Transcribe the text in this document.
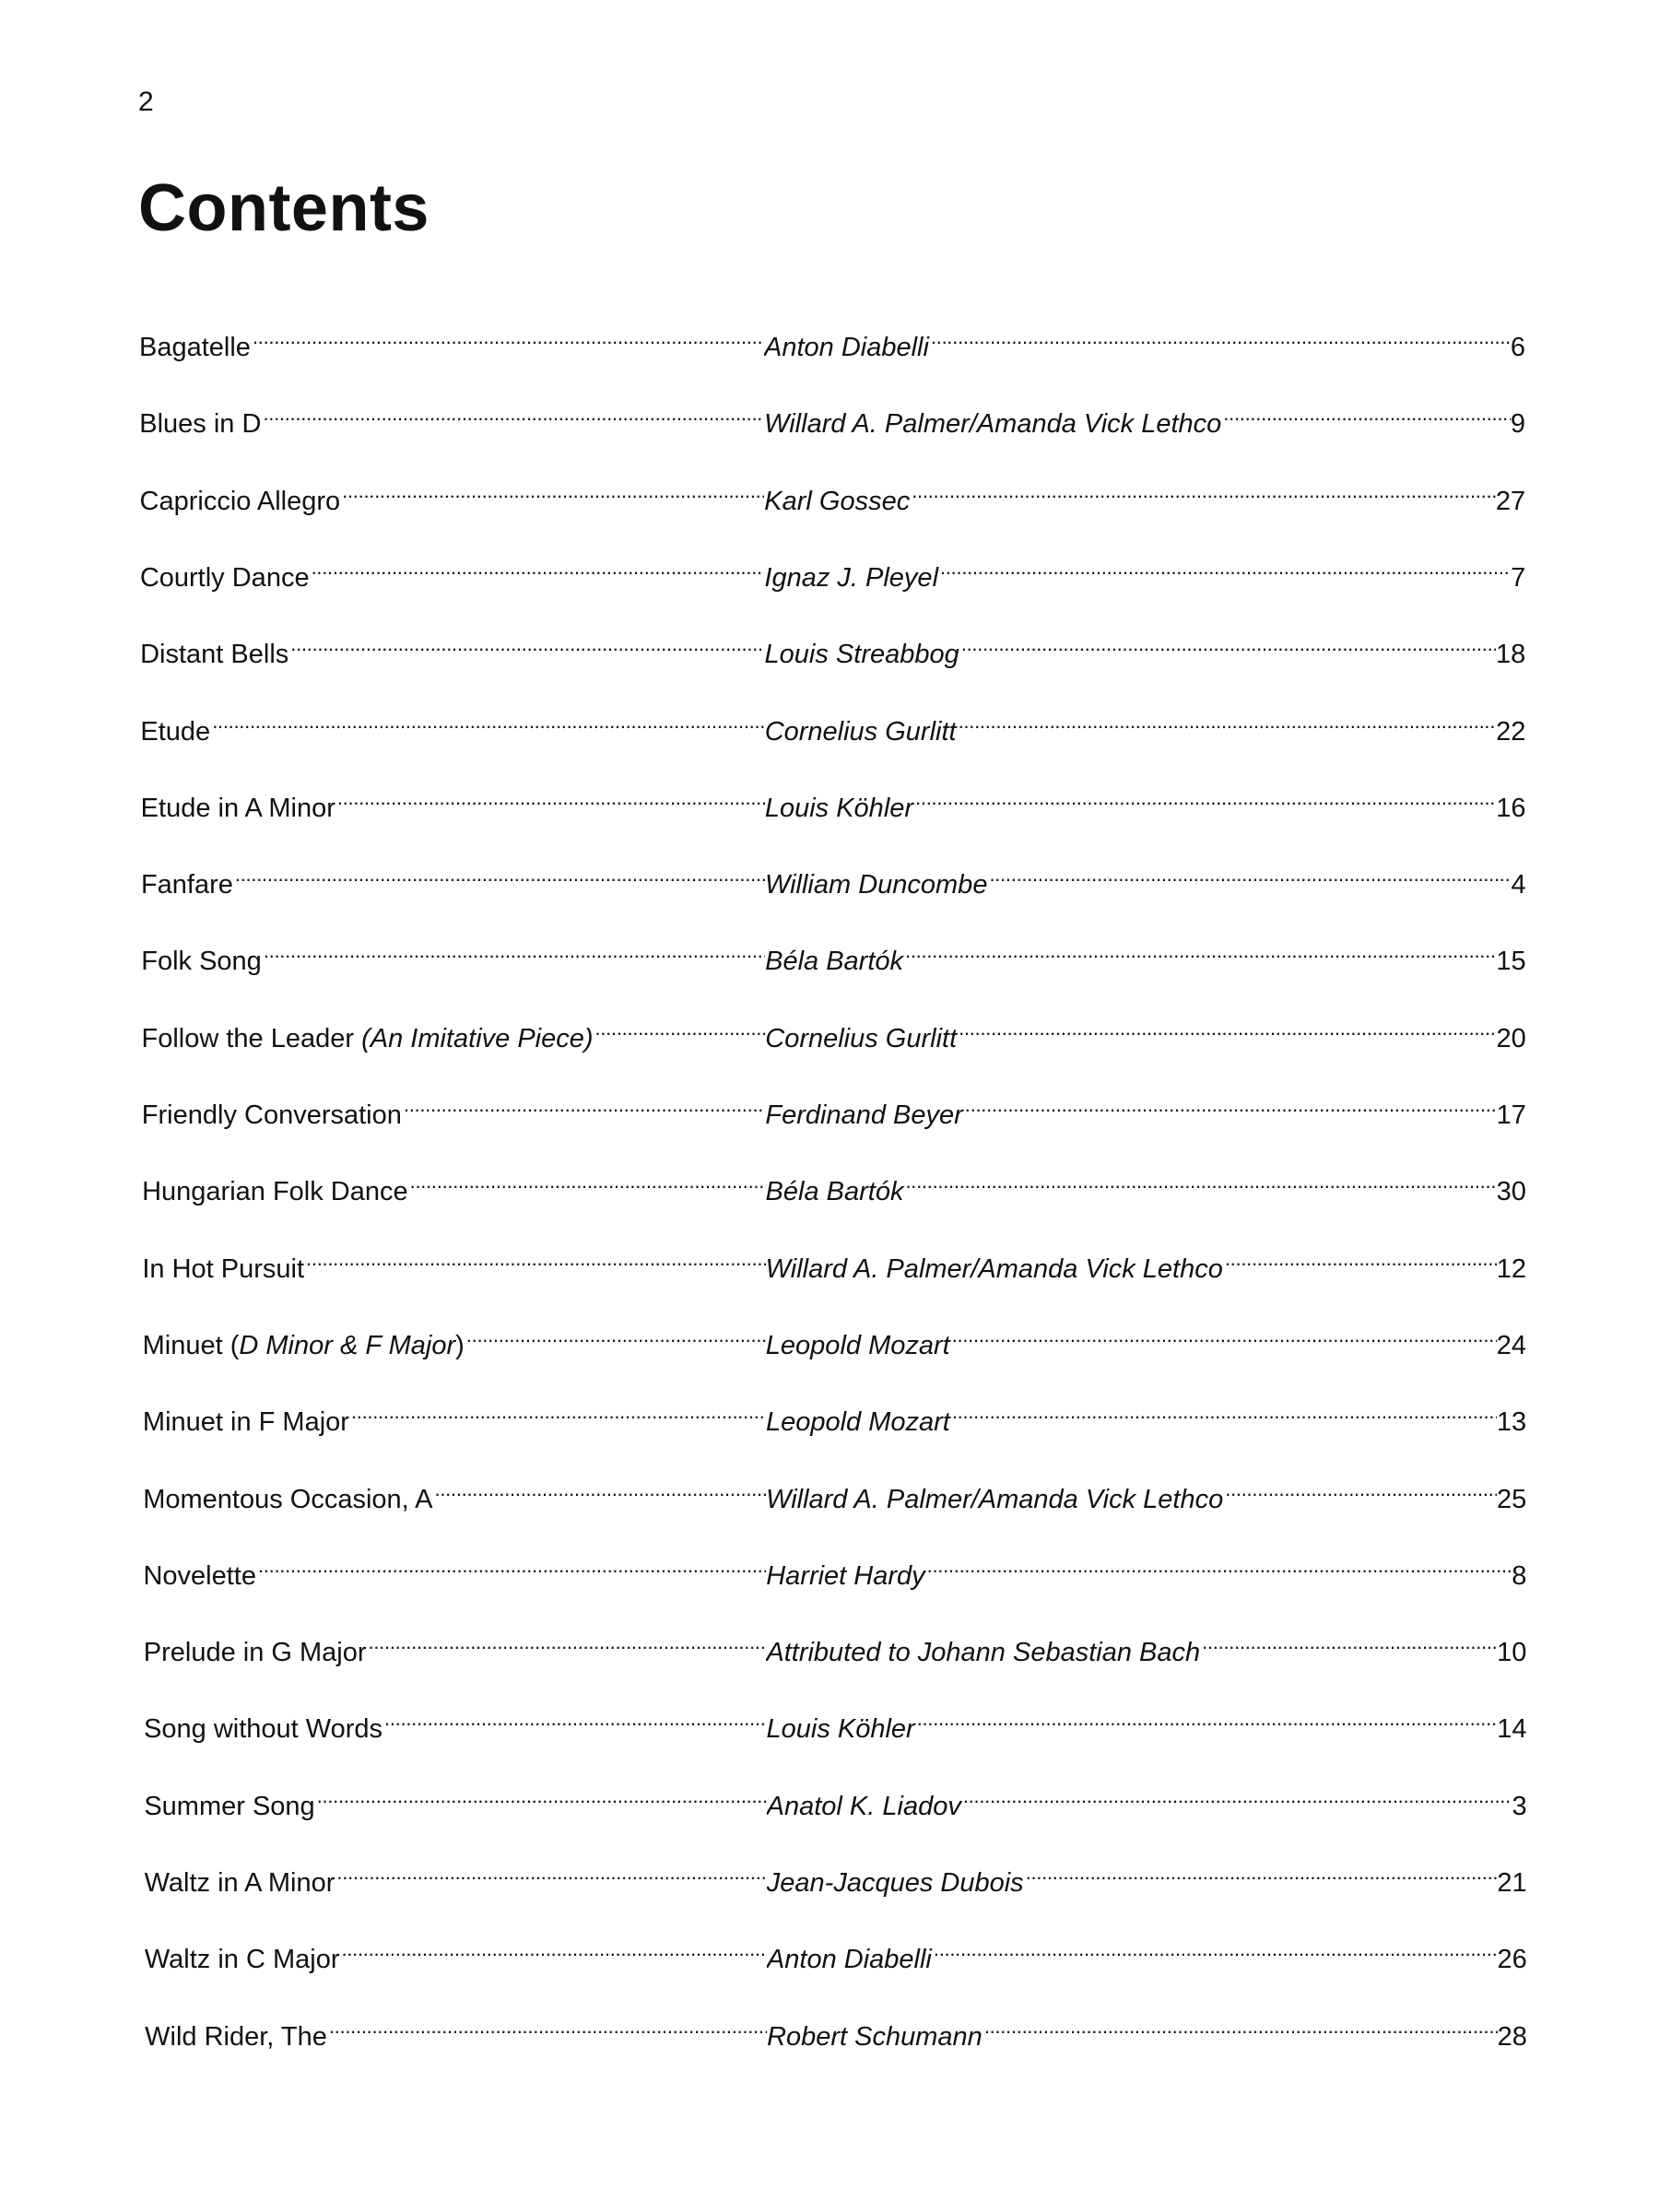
2
Contents
Bagatelle . . .	Anton Diabelli . . .	6
Blues in D . . .	Willard A. Palmer/Amanda Vick Lethco . . .	9
Capriccio Allegro . . .	Karl Gossec . . .	27
Courtly Dance . . .	Ignaz J. Pleyel . . .	7
Distant Bells . . .	Louis Streabbog . . .	18
Etude . . .	Cornelius Gurlitt . . .	22
Etude in A Minor . . .	Louis Köhler . . .	16
Fanfare . . .	William Duncombe . . .	4
Folk Song . . .	Béla Bartók . . .	15
Follow the Leader (An Imitative Piece) . . .	Cornelius Gurlitt . . .	20
Friendly Conversation . . .	Ferdinand Beyer . . .	17
Hungarian Folk Dance . . .	Béla Bartók . . .	30
In Hot Pursuit . . .	Willard A. Palmer/Amanda Vick Lethco . . .	12
Minuet (D Minor & F Major) . . .	Leopold Mozart . . .	24
Minuet in F Major . . .	Leopold Mozart . . .	13
Momentous Occasion, A . . .	Willard A. Palmer/Amanda Vick Lethco . . .	25
Novelette . . .	Harriet Hardy . . .	8
Prelude in G Major . . .	Attributed to Johann Sebastian Bach . . .	10
Song without Words . . .	Louis Köhler . . .	14
Summer Song . . .	Anatol K. Liadov . . .	3
Waltz in A Minor . . .	Jean-Jacques Dubois . . .	21
Waltz in C Major . . .	Anton Diabelli . . .	26
Wild Rider, The . . .	Robert Schumann . . .	28
